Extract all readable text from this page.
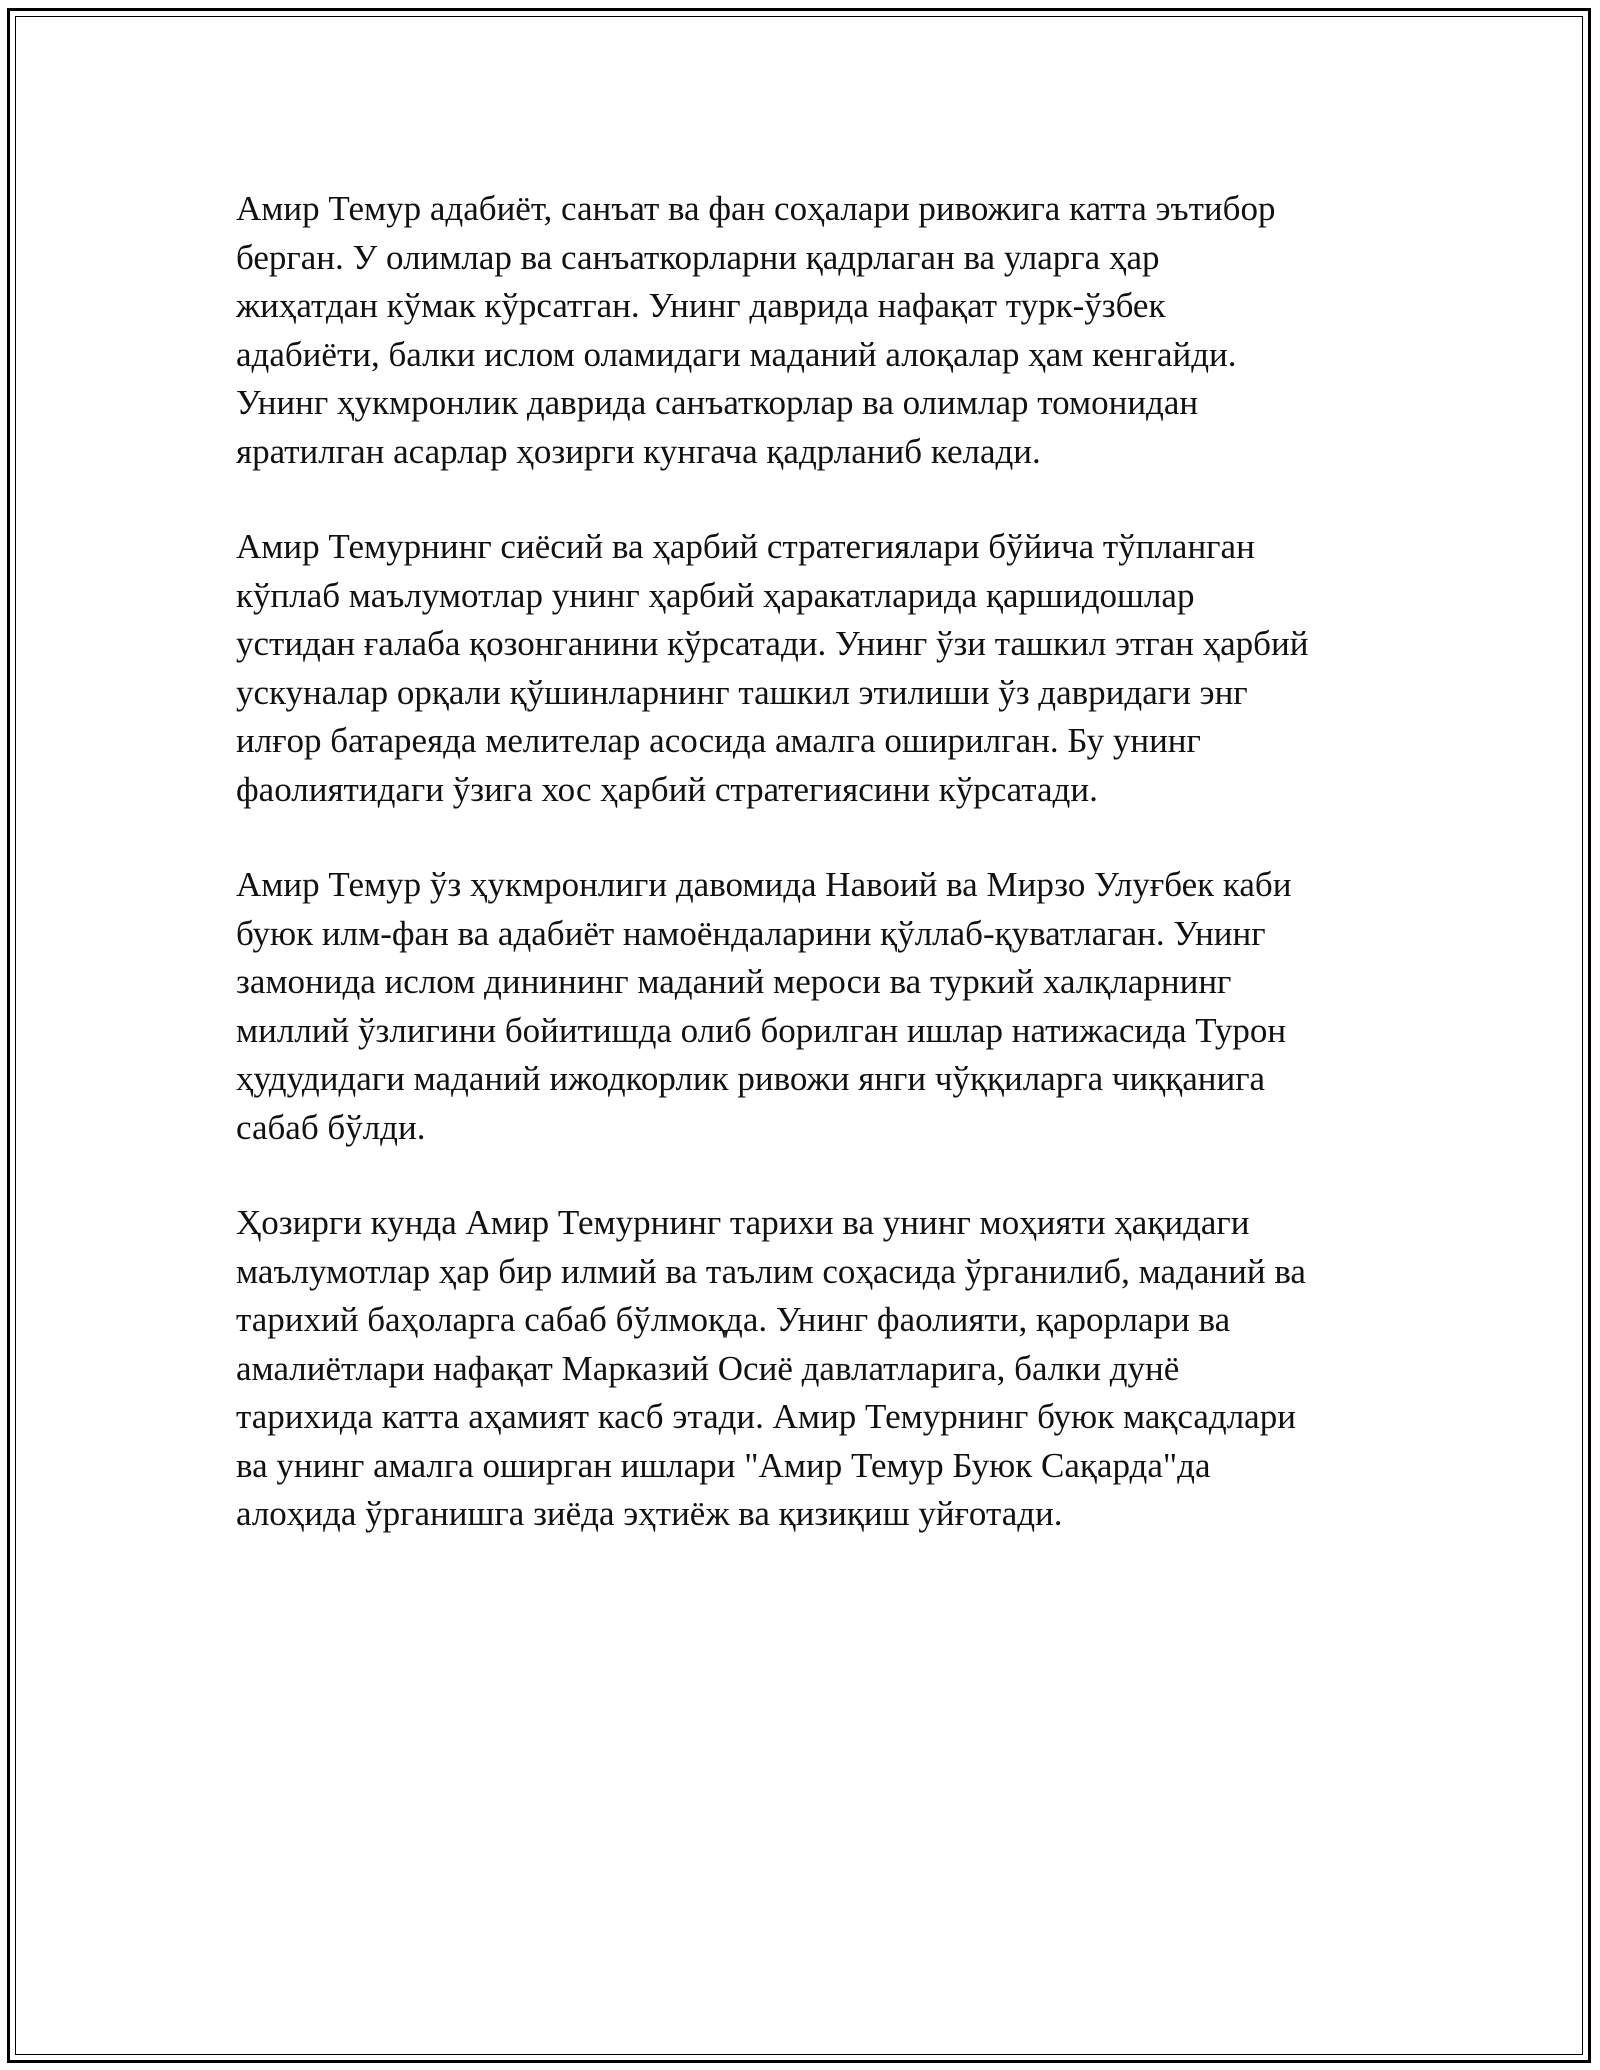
Амир Темур адабиёт, санъат ва фан соҳалари ривожига катта эътибор
берган. У олимлар ва санъаткорларни қадрлаган ва уларга ҳар
жиҳатдан кўмак кўрсатган. Унинг даврида нафақат турк-ўзбек
адабиёти, балки ислом оламидаги маданий алоқалар ҳам кенгайди.
Унинг ҳукмронлик даврида санъаткорлар ва олимлар томонидан
яратилган асарлар ҳозирги кунгача қадрланиб келади.

Амир Темурнинг сиёсий ва ҳарбий стратегиялари бўйича тўпланган
кўплаб маълумотлар унинг ҳарбий ҳаракатларида қаршидошлар
устидан ғалаба қозонганини кўрсатади. Унинг ўзи ташкил этган ҳарбий
ускуналар орқали қўшинларнинг ташкил этилиши ўз давридаги энг
илғор батареяда мелителар асосида амалга оширилган. Бу унинг
фаолиятидаги ўзига хос ҳарбий стратегиясини кўрсатади.

Амир Темур ўз ҳукмронлиги давомида Навоий ва Мирзо Улуғбек каби
буюк илм-фан ва адабиёт намоёндаларини қўллаб-қуватлаган. Унинг
замонида ислом динининг маданий мероси ва туркий халқларнинг
миллий ўзлигини бойитишда олиб борилган ишлар натижасида Турон
ҳудудидаги маданий ижодкорлик ривожи янги чўққиларга чиққанига
сабаб бўлди.

Ҳозирги кунда Амир Темурнинг тарихи ва унинг моҳияти ҳақидаги
маълумотлар ҳар бир илмий ва таълим соҳасида ўрганилиб, маданий ва
тарихий баҳоларга сабаб бўлмоқда. Унинг фаолияти, қарорлари ва
амалиётлари нафақат Марказий Осиё давлатларига, балки дунё
тарихида катта аҳамият касб этади. Амир Темурнинг буюк мақсадлари
ва унинг амалга оширган ишлари "Амир Темур Буюк Сақарда"да
алоҳида ўрганишга зиёда эҳтиёж ва қизиқиш уйғотади.
